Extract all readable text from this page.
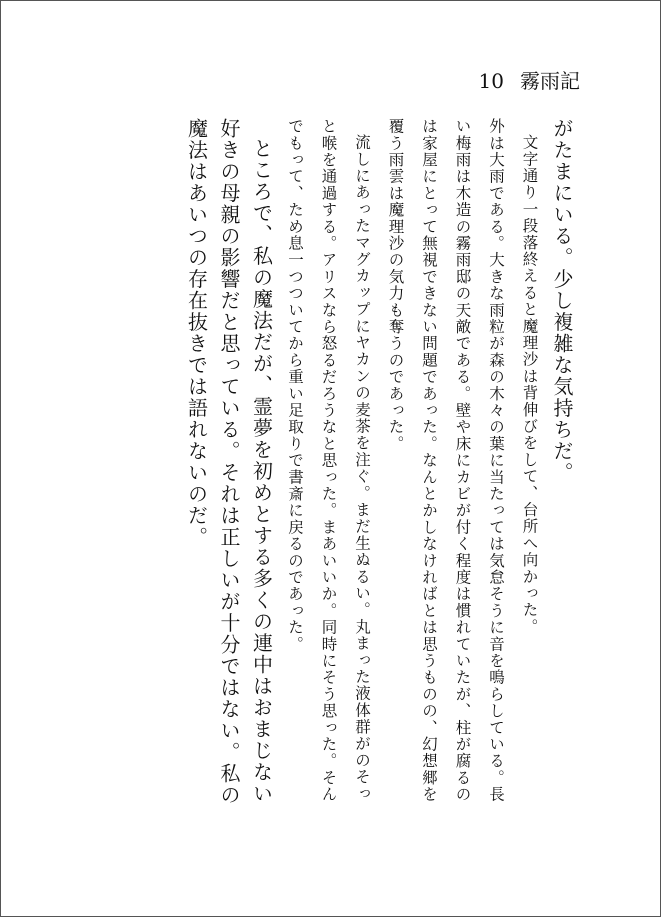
10 霧雨記

がたまにいる。少し複雑な気持ちだ。

文字通り一段落終えると魔理沙は背伸びをして、台所へ向かった。

外は大雨である。大きな雨粒が森の木々の葉に当たっては気怠そうに音を鳴らしている。長い梅雨は木造の霧雨邸の天敵である。壁や床にカビが付く程度は慣れていたが、柱が腐るのは家屋にとって無視できない問題であった。なんとかしなければとは思うものの、幻想郷を覆う雨雲は魔理沙の気力も奪うのであった。

流しにあったマグカップにヤカンの麦茶を注ぐ。まだ生ぬるい。丸まった液体群がのそっと喉を通過する。アリスなら怒るだろうなと思った。まあいいか。同時にそう思った。そんでもって、ため息一つついてから重い足取りで書斎に戻るのであった。

ところで、私の魔法だが、霊夢を初めとする多くの連中はおまじない好きの母親の影響だと思っている。それは正しいが十分ではない。私の魔法はあいつの存在抜きでは語れないのだ。
